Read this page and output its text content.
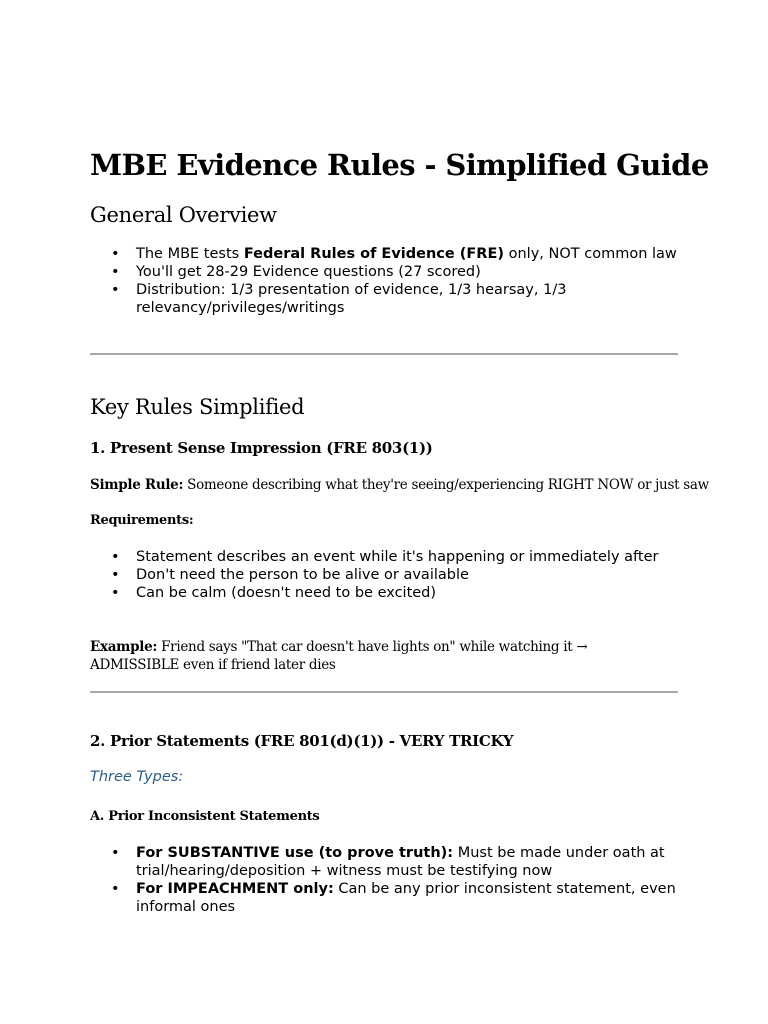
MBE Evidence Rules - Simplified Guide
General Overview
• The MBE tests Federal Rules of Evidence (FRE) only, NOT common law
• You'll get 28-29 Evidence questions (27 scored)
• Distribution: 1/3 presentation of evidence, 1/3 hearsay, 1/3 relevancy/privileges/writings
Key Rules Simplified
1. Present Sense Impression (FRE 803(1))

Simple Rule: Someone describing what they're seeing/experiencing RIGHT NOW or just saw

Requirements:
• Statement describes an event while it's happening or immediately after
• Don't need the person to be alive or available
• Can be calm (doesn't need to be excited)

Example: Friend says "That car doesn't have lights on" while watching it → ADMISSIBLE even if friend later dies

2. Prior Statements (FRE 801(d)(1)) - VERY TRICKY
Three Types:
A. Prior Inconsistent Statements
• For SUBSTANTIVE use (to prove truth): Must be made under oath at trial/hearing/deposition + witness must be testifying now
• For IMPEACHMENT only: Can be any prior inconsistent statement, even informal ones
